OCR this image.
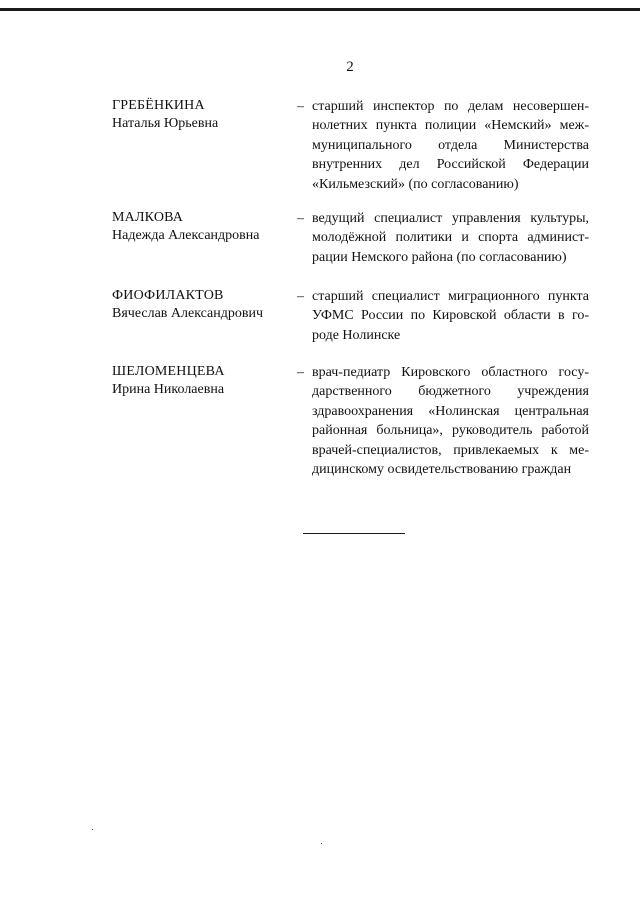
2
ГРЕБЁНКИНА
Наталья Юрьевна
– старший инспектор по делам несовершен-
нолетних пункта полиции «Немский» меж-
муниципального отдела Министерства
внутренних дел Российской Федерации
«Кильмезский» (по согласованию)
МАЛКОВА
Надежда Александровна
– ведущий специалист управления культуры,
молодёжной политики и спорта админист-
рации Немского района (по согласованию)
ФИОФИЛАКТОВ
Вячеслав Александрович
– старший специалист миграционного пункта
УФМС России по Кировской области в го-
роде Нолинске
ШЕЛОМЕНЦЕВА
Ирина Николаевна
– врач-педиатр Кировского областного госу-
дарственного бюджетного учреждения
здравоохранения «Нолинская центральная
районная больница», руководитель работой
врачей-специалистов, привлекаемых к ме-
дицинскому освидетельствованию граждан
